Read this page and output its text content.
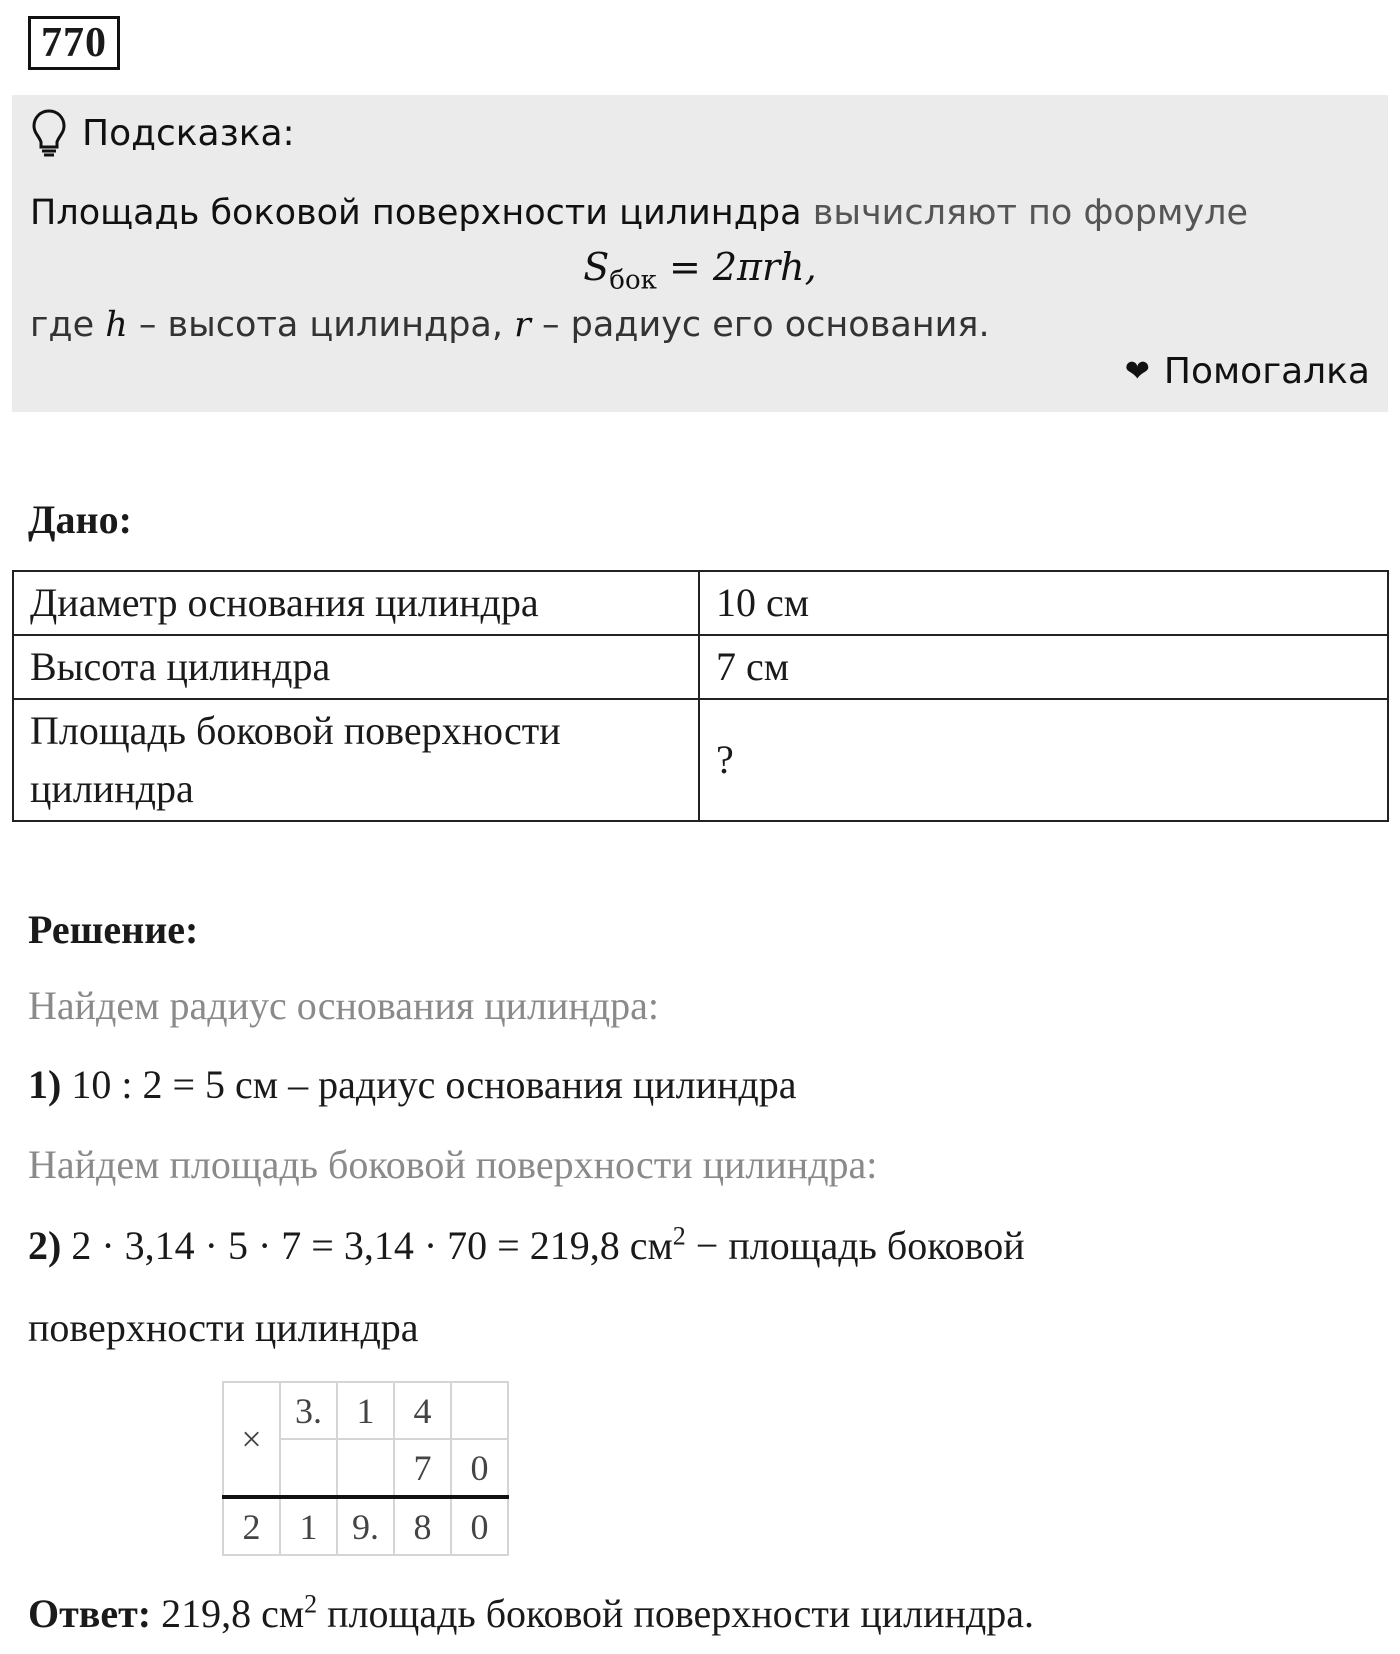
770
Подсказка:
Площадь боковой поверхности цилиндра вычисляют по формуле
$S_{бок} = 2\pi rh$,
где h – высота цилиндра, r – радиус его основания.
❤ Помогалка
Дано:
Диаметр основания цилиндра	10 см
Высота цилиндра	7 см
Площадь боковой поверхности цилиндра	?
Решение:
Найдем радиус основания цилиндра:
1) 10 : 2 = 5 см – радиус основания цилиндра
Найдем площадь боковой поверхности цилиндра:
2) 2 · 3,14 · 5 · 7 = 3,14 · 70 = 219,8 $см^2$ − площадь боковой
поверхности цилиндра
×	3.	1	4	
			7	0
2	1	9.	8	0
Ответ: 219,8 $см^2$ площадь боковой поверхности цилиндра.
